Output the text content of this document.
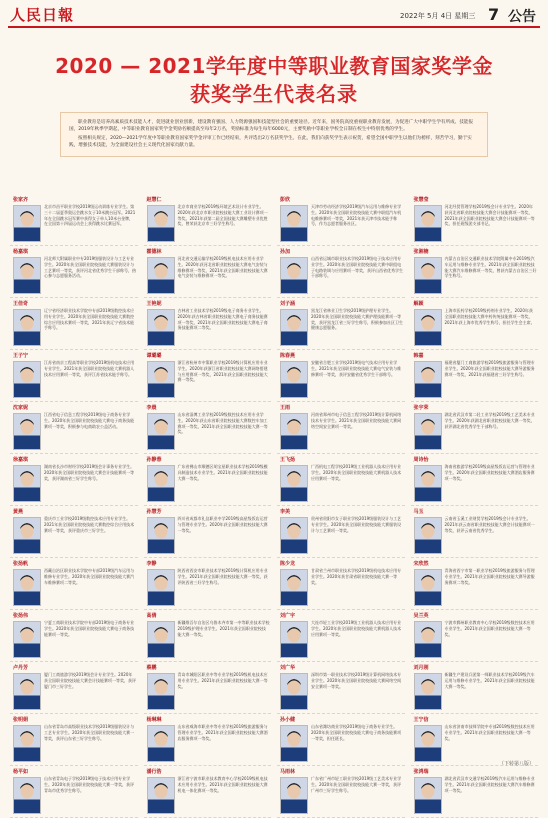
人民日報	2022年 5月 4日 星期三 7 公告
2020 — 2021学年度中等职业教育国家奖学金
获奖学生代表名录

职业教育是培养高素质技术技能人才，促进就业创业创新，建设教育强国、人力资源强国和技能型社会的重要途径。近年来，国务院高度重视职业教育发展，为促进广大中职学生学有所成、技能报国，2019年秋季学期起，中等职业教育国家奖学金奖励名额提高至每年2万名，奖励标准为每生每年6000元，主要奖励中等职业学校全日制在校生中特别优秀的学生。

按照相关规定，2020—2021学年度中等职业教育国家奖学金评审工作已经结束，共评选出2万名获奖学生。在此，我们向获奖学生表示祝贺，希望全国中职学生以他们为榜样，刻苦学习，勤于实践，增强技术技能，为全面建设社会主义现代化国家贡献力量。

张家齐
北京市昌平职业学校2019级运动训练专业学生。第三十二届夏季奥运会跳水女子10米跳台冠军。2021年在全国跳水冠军赛中获得女子单人10米台金牌，在全国第十四届运动会上获得跳水比赛冠军。
赵慧仁
北京市商业学校2019级环境艺术设计专业学生。2020年获北京市职业院校技能大赛工业设计赛项一等奖。2021年获第二届全国技能大赛雕塑专业优胜奖，曾荣获北京市三好学生称号。
彭欣
天津市劳动经济学校2019级汽车运用与维修专业学生。2020年获全国职业院校技能大赛中职组汽车机电维修赛项一等奖，2021年获天津市技术能手称号，作为志愿者服务社区。
张慧莹
河北经贸管理学校2019级会计专业学生。2020年获河北省职业院校技能大赛会计技能赛项一等奖，2021年获全国职业院校技能大赛会计技能赛项一等奖，担任班级团支部书记。
杨嘉琪
河北师大附属职业中专2019级服装设计与工艺专业学生。2020年获全国职业院校技能大赛服装设计与工艺赛项一等奖，获评河北省优秀学生干部称号，热心参与志愿服务活动。
霍德林
河北省交通运输学校2019级机电技术应用专业学生。2020年获河北省职业院校技能大赛电气安装与维修赛项一等奖，2021年获全国职业院校技能大赛电气安装与维修赛项一等奖。
孙加
山西省运城市职业技术学校2019级电子技术应用专业学生。2020年获全国职业院校技能大赛中职组电子电路装调与应用赛项一等奖，获评山西省优秀学生干部称号。
张湘楠
内蒙古自治区交通职业技术学院附属中专2019级汽车运用与维修专业学生。2021年获全国职业院校技能大赛汽车维修赛项一等奖，曾获内蒙古自治区三好学生称号。
王佳奇
辽宁省经济职业技术学院中专部2019级数控技术应用专业学生。2020年获全国职业院校技能大赛数控综合应用技术赛项一等奖，2021年获辽宁省技术能手称号。
王艳妮
吉林省工业技术学校2019级电子商务专业学生。2020年获吉林省职业院校技能大赛电子商务技能赛项一等奖，2021年获全国职业院校技能大赛电子商务技能赛项二等奖。
刘子涵
黑龙江省林业卫生学校2019级护理专业学生。2020年获全国职业院校技能大赛护理技能赛项一等奖，获评黑龙江省三好学生称号，积极参加社区卫生健康志愿服务。
解颖
上海市医药学校2019级药剂专业学生。2020年获全国职业院校技能大赛中药传统技能赛项一等奖，2021年获上海市优秀学生称号，担任学生会主席。
王子宁
江苏省南京工程高等职业学校2019级机电技术应用专业学生。2021年获全国职业院校技能大赛机器人技术应用赛项一等奖，获评江苏省技术能手称号。
谭璐璐
浙江省杭州市中策职业学校2019级计算机应用专业学生。2020年获浙江省职业院校技能大赛网络搭建与应用赛项一等奖，2021年获全国职业院校技能大赛一等奖。
陈春燕
安徽省合肥工业学校2019级电气技术应用专业学生。2021年获全国职业院校技能大赛电气安装与维修赛项一等奖，获评安徽省优秀学生干部称号。
韩嘉
福建省厦门工商旅游学校2019级旅游服务与管理专业学生。2020年获全国职业院校技能大赛导游服务赛项一等奖，2021年获福建省三好学生称号。
沈家妮
江西省电子信息工程学校2019级电子商务专业学生。2020年获全国职业院校技能大赛电子商务技能赛项一等奖，积极参与电商助农公益活动。
李晨
山东省淄博工业学校2019级数控技术应用专业学生。2020年获山东省职业院校技能大赛数控车加工赛项一等奖，2021年获全国职业院校技能大赛一等奖。
王雨
河南省郑州市电子信息工程学校2019级计算机网络技术专业学生。2021年获全国职业院校技能大赛网络空间安全赛项一等奖。
张宇荣
湖北省武汉市第二轻工业学校2019级工艺美术专业学生。2020年获湖北省职业院校技能大赛一等奖，获评湖北省优秀学生干部称号。
徐嘉琪
湖南省长沙市财经学校2019级会计事务专业学生。2020年获全国职业院校技能大赛会计技能赛项一等奖，获评湖南省三好学生称号。
孙静蓉
广东省佛山市顺德区胡宝星职业技术学校2019级模具制造技术专业学生。2021年获全国职业院校技能大赛一等奖。
王飞扬
广西机电工程学校2019级工业机器人技术应用专业学生。2020年获全国职业院校技能大赛机器人技术应用赛项一等奖。
周诗怡
海南省旅游学校2019级高星级饭店运营与管理专业学生。2020年获全国职业院校技能大赛酒店服务赛项一等奖。
黄燕
重庆市工业学校2019级数控技术应用专业学生。2021年获全国职业院校技能大赛数控综合应用技术赛项一等奖，获评重庆市三好学生。
孙慧芳
四川省成都市礼仪职业中学2019级高星级饭店运营与管理专业学生。2020年获全国职业院校技能大赛一等奖。
李美
贵州省贵阳市女子职业学校2019级服装设计与工艺专业学生。2020年获全国职业院校技能大赛服装设计与工艺赛项一等奖。
马玉
云南省玉溪工业财贸学校2019级会计专业学生。2021年获云南省职业院校技能大赛会计技能赛项一等奖，获评云南省优秀学生。
张扬帆
西藏自治区职业技术学院中专部2019级汽车运用与维修专业学生。2020年获全国职业院校技能大赛汽车维修赛项二等奖。
李静
陕西省西安市职业技术学校2019级计算机应用专业学生。2021年获全国职业院校技能大赛一等奖，获评陕西省三好学生称号。
陈少龙
甘肃省兰州市职业技术学校2019级机电技术应用专业学生。2020年获甘肃省职业院校技能大赛一等奖。
宋欣然
青海省西宁市第一职业学校2019级旅游服务与管理专业学生。2021年获全国职业院校技能大赛导游服务赛项二等奖。
张扬伟
宁夏工商职业技术学院中专部2019级电子商务专业学生。2020年获全国职业院校技能大赛电子商务技能赛项一等奖。
高倩
新疆维吾尔自治区乌鲁木齐市第一中等职业技术学校2019级护理专业学生。2021年获全国职业院校技能大赛一等奖。
刘广宇
大连市轻工业学校2019级工业机器人技术应用专业学生。2020年获全国职业院校技能大赛机器人技术应用赛项一等奖。
吴兰英
宁波市鄞州职业教育中心学校2019级数控技术应用专业学生。2021年获全国职业院校技能大赛一等奖。
卢丹芳
厦门工商旅游学校2019级会计专业学生。2020年获全国职业院校技能大赛会计技能赛项一等奖，获评厦门市三好学生。
蔡鹏
青岛市城阳区职业中等专业学校2019级机电技术应用专业学生。2021年获全国职业院校技能大赛一等奖。
刘广华
深圳市第一职业技术学校2019级计算机网络技术专业学生。2020年获全国职业院校技能大赛网络空间安全赛项一等奖。
刘月刚
新疆生产建设兵团第一师职业技术学校2019级汽车运用与维修专业学生。2021年获全国职业院校技能大赛一等奖。
张明娟
山东省青岛市高级职业技术学校2019级服装设计与工艺专业学生。2020年获全国职业院校技能大赛一等奖，获评山东省三好学生称号。
杨琳琳
山东省威海市职业中等专业学校2019级旅游服务与管理专业学生。2021年获全国职业院校技能大赛酒店服务赛项一等奖。
孙小健
山东省潍坊商业学校2019级电子商务专业学生。2020年获全国职业院校技能大赛电子商务技能赛项一等奖，担任班长。
王宁信
山东省济南市技师学院中专部2019级数控技术应用专业学生。2021年获全国职业院校技能大赛一等奖。
杨平如
山东省青岛电子学校2019级电子技术应用专业学生。2020年获全国职业院校技能大赛一等奖，获评青岛市优秀学生称号。
潘行浩
浙江省宁波市职业技术教育中心学校2019级机电技术应用专业学生。2021年获全国职业院校技能大赛机电一体化赛项一等奖。
马雨林
广东省广州市轻工职业学校2019级工艺美术专业学生。2020年获全国职业院校技能大赛一等奖，获评广州市三好学生称号。
张鸿瑞
湖北省武汉市交通学校2019级汽车运用与维修专业学生。2021年获全国职业院校技能大赛汽车维修赛项一等奖。
（下转第八版）
